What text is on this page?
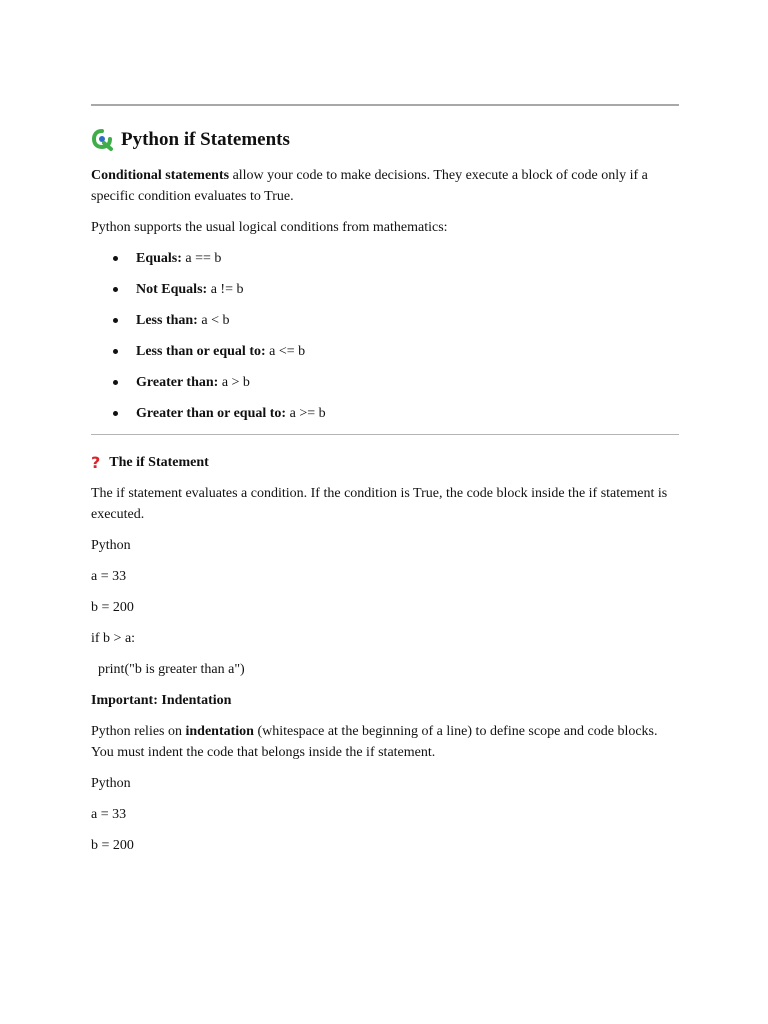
Python if Statements

Conditional statements allow your code to make decisions. They execute a block of code only if a specific condition evaluates to True.

Python supports the usual logical conditions from mathematics:

Equals: a == b
Not Equals: a != b
Less than: a < b
Less than or equal to: a <= b
Greater than: a > b
Greater than or equal to: a >= b
? The if Statement

The if statement evaluates a condition. If the condition is True, the code block inside the if statement is executed.

Python

a = 33

b = 200

if b > a:

print("b is greater than a")

Important: Indentation

Python relies on indentation (whitespace at the beginning of a line) to define scope and code blocks. You must indent the code that belongs inside the if statement.

Python

a = 33

b = 200
